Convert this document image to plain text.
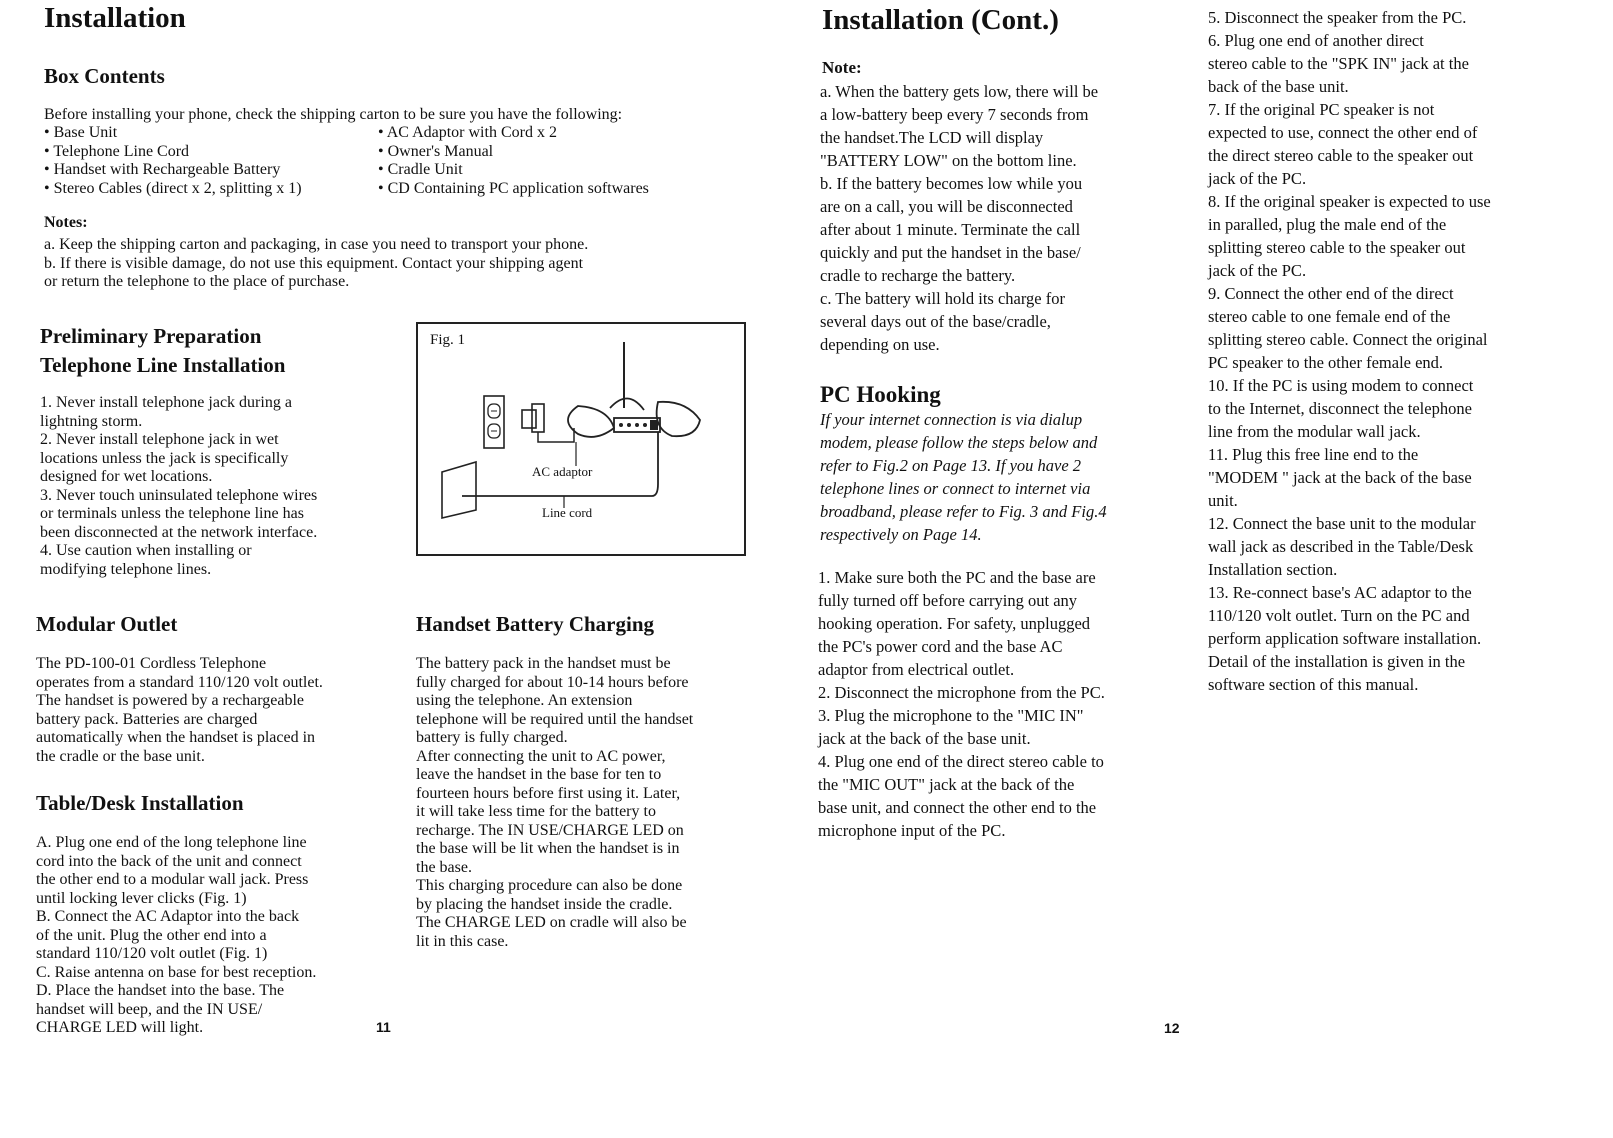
Installation
Box Contents

Before installing your phone, check the shipping carton to be sure you have the following:

• Base Unit
• Telephone Line Cord
• Handset with Rechargeable Battery
• Stereo Cables (direct x 2, splitting x 1)
• AC Adaptor with Cord x 2
• Owner's Manual
• Cradle Unit
• CD Containing PC application softwares
Notes:
a. Keep the shipping carton and packaging, in case you need to transport your phone.
b. If there is visible damage, do not use this equipment. Contact your shipping agent
or return the telephone to the place of purchase.
Preliminary Preparation
Telephone Line Installation
1. Never install telephone jack during a
lightning storm.
2. Never install telephone jack in wet
locations unless the jack is specifically
designed for wet locations.
3. Never touch uninsulated telephone wires
or terminals unless the telephone line has
been disconnected at the network interface.
4. Use caution when installing or
modifying telephone lines.
Fig. 1
AC adaptor
Line cord
Modular Outlet
The PD-100-01 Cordless Telephone
operates from a standard 110/120 volt outlet.
The handset is powered by a rechargeable
battery pack. Batteries are charged
automatically when the handset is placed in
the cradle or the base unit.
Table/Desk Installation
A. Plug one end of the long telephone line
cord into the back of the unit and connect
the other end to a modular wall jack. Press
until locking lever clicks (Fig. 1)
B. Connect the AC Adaptor into the back
of the unit. Plug the other end into a
standard 110/120 volt outlet (Fig. 1)
C. Raise antenna on base for best reception.
D. Place the handset into the base. The
handset will beep, and the IN USE/
CHARGE LED will light.
Handset Battery Charging
The battery pack in the handset must be
fully charged for about 10-14 hours before
using the telephone. An extension
telephone will be required until the handset
battery is fully charged.
After connecting the unit to AC power,
leave the handset in the base for ten to
fourteen hours before first using it. Later,
it will take less time for the battery to
recharge. The IN USE/CHARGE LED on
the base will be lit when the handset is in
the base.
This charging procedure can also be done
by placing the handset inside the cradle.
The CHARGE LED on cradle will also be
lit in this case.
11
Installation (Cont.)
Note:
a. When the battery gets low, there will be
a low-battery beep every 7 seconds from
the handset.The LCD will display
"BATTERY LOW" on the bottom line.
b. If the battery becomes low while you
are on a call, you will be disconnected
after about 1 minute. Terminate the call
quickly and put the handset in the base/
cradle to recharge the battery.
c. The battery will hold its charge for
several days out of the base/cradle,
depending on use.
PC Hooking
If your internet connection is via dialup
modem, please follow the steps below and
refer to Fig.2 on Page 13. If you have 2
telephone lines or connect to internet via
broadband, please refer to Fig. 3 and Fig.4
respectively on Page 14.
1. Make sure both the PC and the base are
fully turned off before carrying out any
hooking operation. For safety, unplugged
the PC's power cord and the base AC
adaptor from electrical outlet.
2. Disconnect the microphone from the PC.
3. Plug the microphone to the "MIC IN"
jack at the back of the base unit.
4. Plug one end of the direct stereo cable to
the "MIC OUT" jack at the back of the
base unit, and connect the other end to the
microphone input of the PC.
5. Disconnect the speaker from the PC.
6. Plug one end of another direct
stereo cable to the "SPK IN" jack at the
back of the base unit.
7. If the original PC speaker is not
expected to use, connect the other end of
the direct stereo cable to the speaker out
jack of the PC.
8. If the original speaker is expected to use
in paralled, plug the male end of the
splitting stereo cable to the speaker out
jack of the PC.
9. Connect the other end of the direct
stereo cable to one female end of the
splitting stereo cable. Connect the original
PC speaker to the other female end.
10. If the PC is using modem to connect
to the Internet, disconnect the telephone
line from the modular wall jack.
11. Plug this free line end to the
"MODEM " jack at the back of the base
unit.
12. Connect the base unit to the modular
wall jack as described in the Table/Desk
Installation section.
13. Re-connect base's AC adaptor to the
110/120 volt outlet. Turn on the PC and
perform application software installation.
Detail of the installation is given in the
software section of this manual.
12
